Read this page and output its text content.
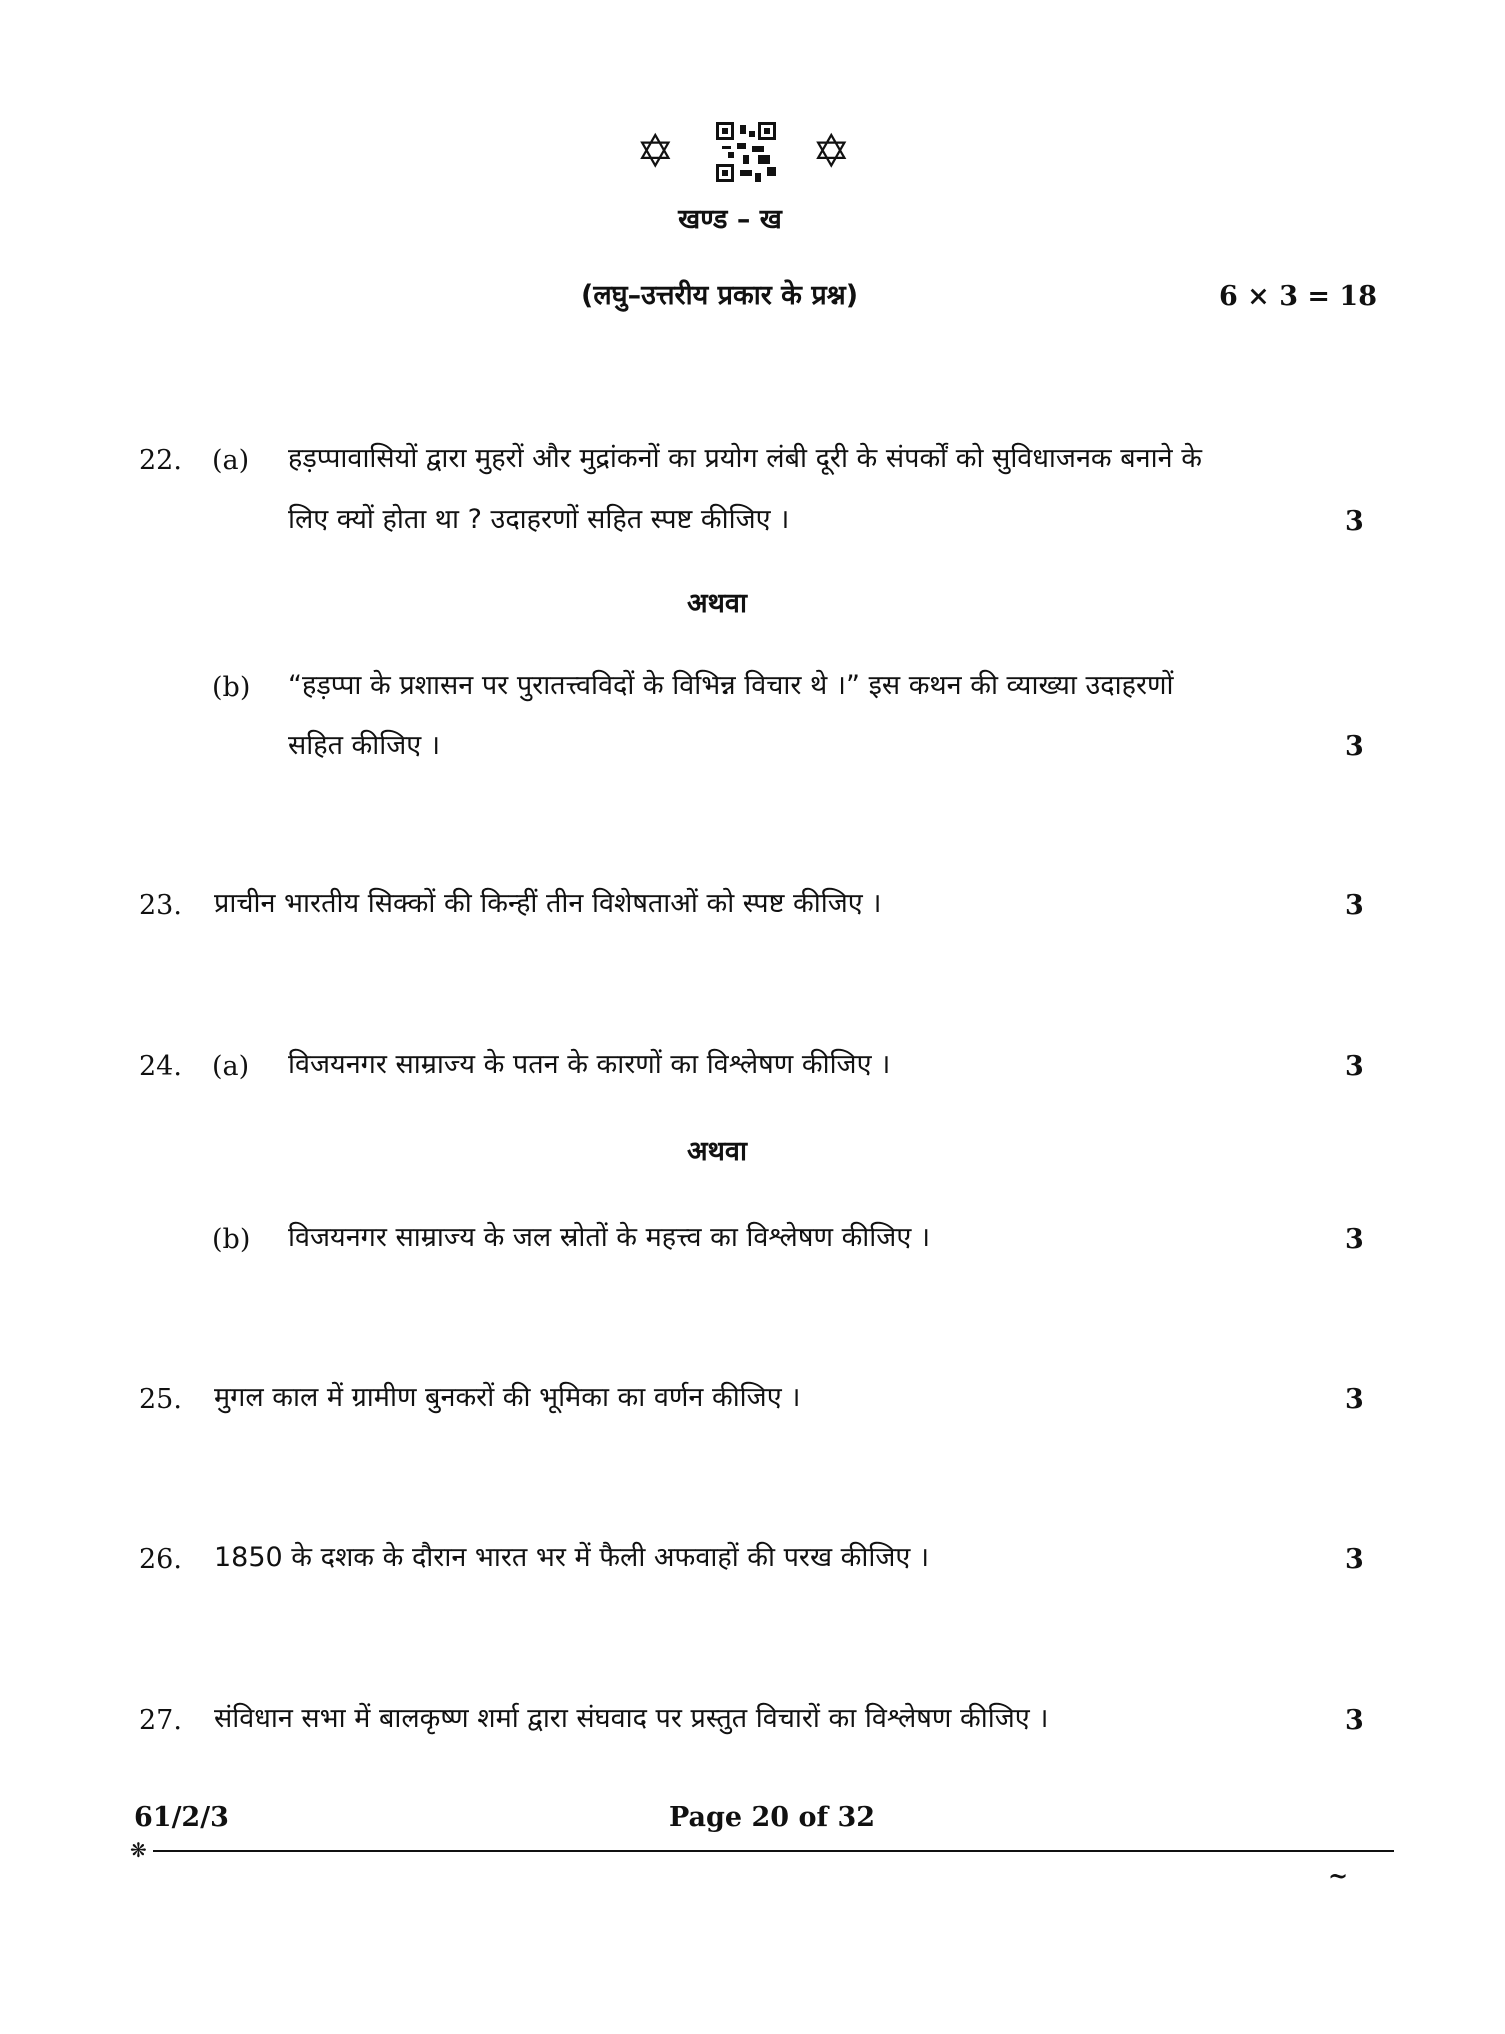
✡	✡
खण्ड – ख
(लघु–उत्तरीय प्रकार के प्रश्न)	6 × 3 = 18
22. (a) हड़प्पावासियों द्वारा मुहरों और मुद्रांकनों का प्रयोग लंबी दूरी के संपर्कों को सुविधाजनक बनाने के
लिए क्यों होता था ? उदाहरणों सहित स्पष्ट कीजिए ।	3
अथवा
(b) “हड़प्पा के प्रशासन पर पुरातत्त्वविदों के विभिन्न विचार थे ।” इस कथन की व्याख्या उदाहरणों
सहित कीजिए ।	3
23. प्राचीन भारतीय सिक्कों की किन्हीं तीन विशेषताओं को स्पष्ट कीजिए ।	3
24. (a) विजयनगर साम्राज्य के पतन के कारणों का विश्लेषण कीजिए ।	3
अथवा
(b) विजयनगर साम्राज्य के जल स्रोतों के महत्त्व का विश्लेषण कीजिए ।	3
25. मुगल काल में ग्रामीण बुनकरों की भूमिका का वर्णन कीजिए ।	3
26. 1850 के दशक के दौरान भारत भर में फैली अफवाहों की परख कीजिए ।	3
27. संविधान सभा में बालकृष्ण शर्मा द्वारा संघवाद पर प्रस्तुत विचारों का विश्लेषण कीजिए ।	3
61/2/3	Page 20 of 32
❋
~
